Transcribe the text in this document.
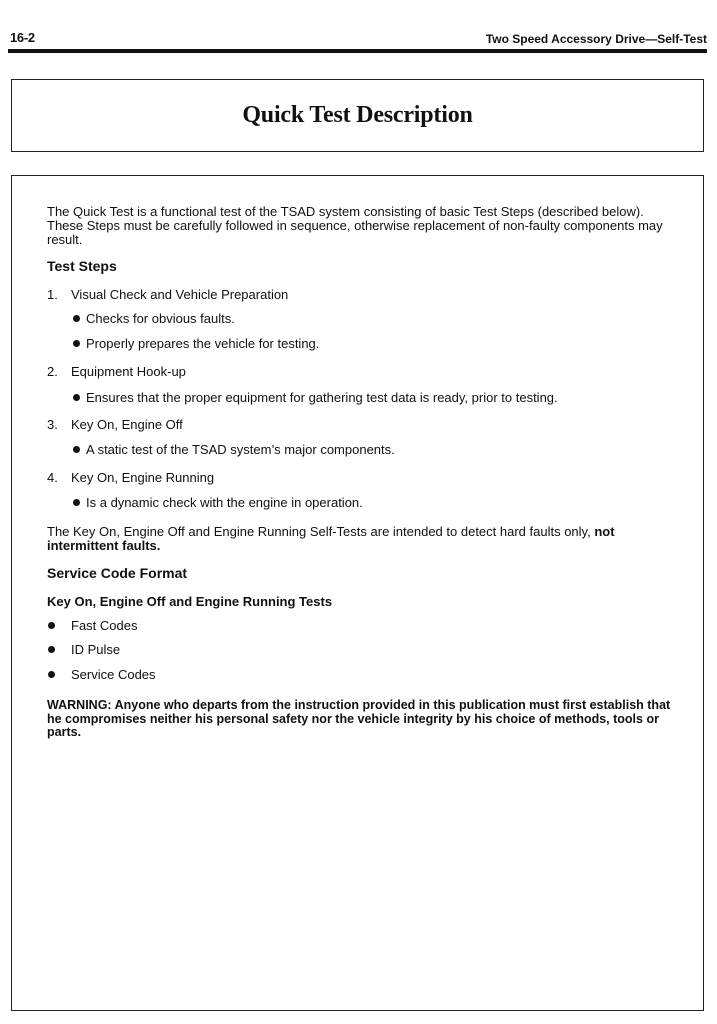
16-2	Two Speed Accessory Drive—Self-Test
Quick Test Description
The Quick Test is a functional test of the TSAD system consisting of basic Test Steps (described below). These Steps must be carefully followed in sequence, otherwise replacement of non-faulty components may result.
Test Steps
1. Visual Check and Vehicle Preparation
Checks for obvious faults.
Properly prepares the vehicle for testing.
2. Equipment Hook-up
Ensures that the proper equipment for gathering test data is ready, prior to testing.
3. Key On, Engine Off
A static test of the TSAD system’s major components.
4. Key On, Engine Running
Is a dynamic check with the engine in operation.
The Key On, Engine Off and Engine Running Self-Tests are intended to detect hard faults only, not intermittent faults.
Service Code Format
Key On, Engine Off and Engine Running Tests
Fast Codes
ID Pulse
Service Codes
WARNING: Anyone who departs from the instruction provided in this publication must first establish that he compromises neither his personal safety nor the vehicle integrity by his choice of methods, tools or parts.
